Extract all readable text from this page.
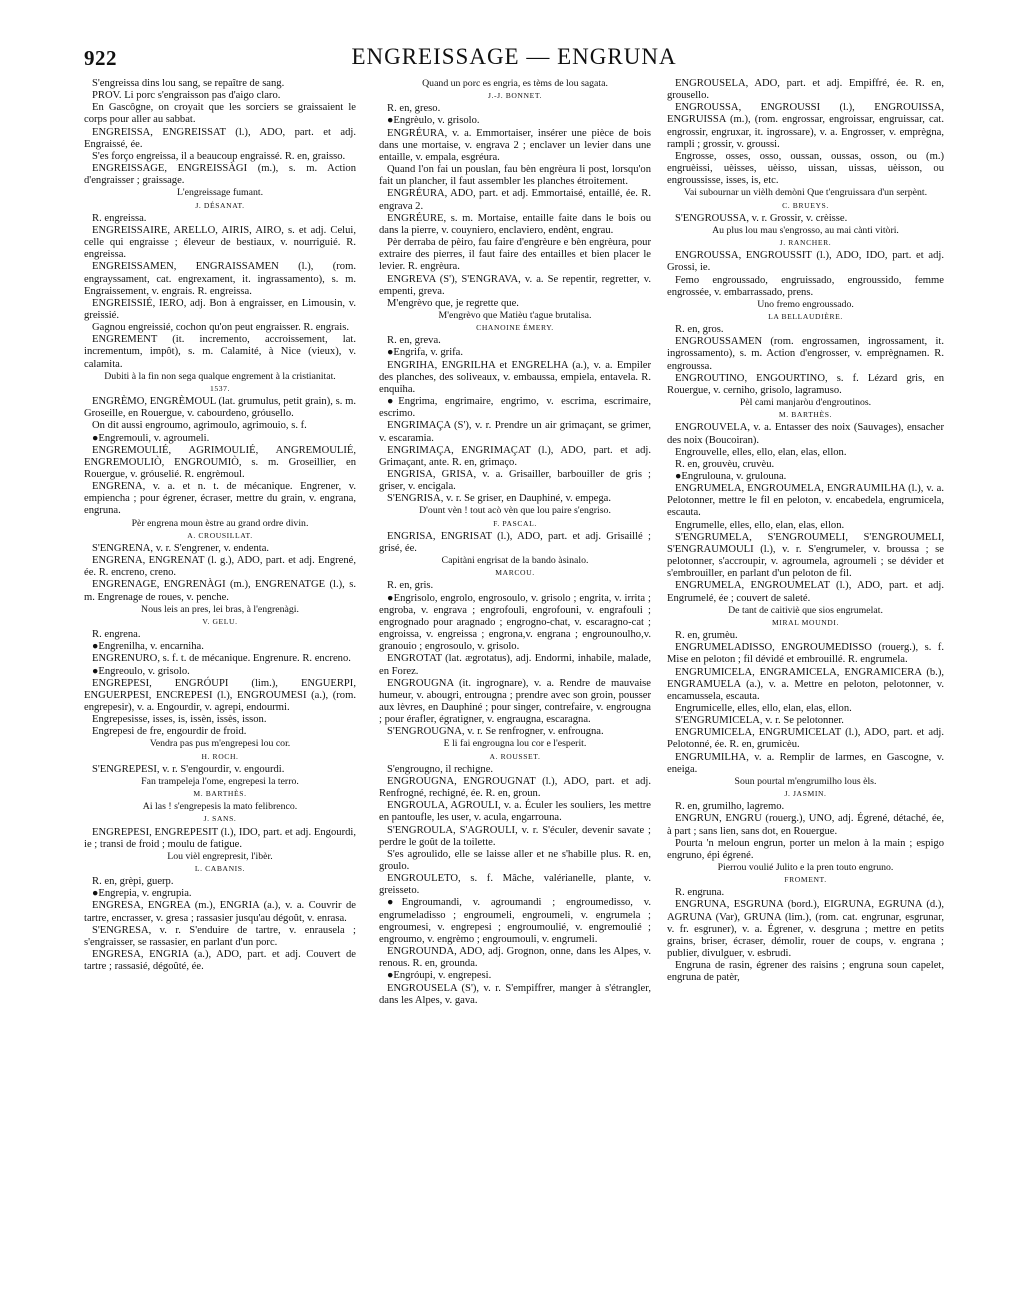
922	ENGREISSAGE — ENGRUNA
S'engreissa dins lou sang, se repaître de sang.
PROV. Li porc s'engraisson pas d'aigo claro.
En Gascôgne, on croyait que les sorciers se graissaient le corps pour aller au sabbat.
ENGREISSA, ENGREISSAT (l.), ADO, part. et adj. Engraissé, ée.
S'es forço engreissa, il a beaucoup engraissé. R. en, graisso.
ENGREISSAGE, ENGREISSÀGI (m.), s. m. Action d'engraisser ; graissage.
L'engreissage fumant.
J. DÉSANAT.
R. engreissa.
ENGREISSAIRE, ARELLO, AIRIS, AIRO, s. et adj. Celui, celle qui engraisse ; éleveur de bestiaux, v. nourriguié. R. engreissa.
ENGREISSAMEN, ENGRAISSAMEN (l.), (rom. engrayssament, cat. engrexament, it. ingrassamento), s. m. Engraissement, v. engrais. R. engreissa.
ENGREISSIÉ, IERO, adj. Bon à engraisser, en Limousin, v. greissié.
Gagnou engreissié, cochon qu'on peut engraisser. R. engrais.
ENGREMENT (it. incremento, accroissement, lat. incrementum, impôt), s. m. Calamité, à Nice (vieux), v. calamita.
Dubiti à la fin non sega qualque engrement à la cristianitat.
1537.
ENGRÈMO, ENGRÈMOUL (lat. grumulus, petit grain), s. m. Groseille, en Rouergue, v. cabourdeno, gróusello.
On dit aussi engroumo, agrimoulo, agrimouio, s. f.
●Engremouli, v. agroumeli.
ENGREMOULIÉ, AGRIMOULIÉ, ANGREMOULIÉ, ENGREMOULIÒ, ENGROUMIÒ, s. m. Groseillier, en Rouergue, v. gróuselié. R. engrèmoul.
ENGRENA, v. a. et n. t. de mécanique. Engrener, v. empiencha ; pour égrener, écraser, mettre du grain, v. engrana, engruna.
Pèr engrena moun èstre au grand ordre divin.
A. CROUSILLAT.
S'ENGRENA, v. r. S'engrener, v. endenta.
ENGRENA, ENGRENAT (l. g.), ADO, part. et adj. Engrené, ée. R. encreno, creno.
ENGRENAGE, ENGRENÀGI (m.), ENGRENATGE (l.), s. m. Engrenage de roues, v. penche.
Nous leis an pres, lei bras, à l'engrenàgi.
V. GELU.
R. engrena.
●Engrenilha, v. encarniha.
ENGRENURO, s. f. t. de mécanique. Engrenure. R. encreno.
●Engreoulo, v. grisolo.
ENGREPESI, ENGRÓUPI (lim.), ENGUERPI, ENGUERPESI, ENCREPESI (l.), ENGROUMESI (a.), (rom. engrepesir), v. a. Engourdir, v. agrepi, endourmi.
Engrepesisse, isses, is, issèn, issès, isson.
Engrepesi de fre, engourdir de froid.
Vendra pas pus m'engrepesi lou cor.
H. ROCH.
S'ENGREPESI, v. r. S'engourdir, v. engourdi.
Fan trampeleja l'ome, engrepesi la terro.
M. BARTHÈS.
Ai las ! s'engrepesis la mato felibrenco.
J. SANS.
ENGREPESI, ENGREPESIT (l.), IDO, part. et adj. Engourdi, ie ; transi de froid ; moulu de fatigue.
Lou vièl engrepresit, l'ibèr.
L. CABANIS.
R. en, grèpi, guerp.
●Engrepia, v. engrupia.
ENGRESA, ENGREA (m.), ENGRIA (a.), v. a. Couvrir de tartre, encrasser, v. gresa ; rassasier jusqu'au dégoût, v. enrasa.
S'ENGRESA, v. r. S'enduire de tartre, v. enrausela ; s'engraisser, se rassasier, en parlant d'un porc.
ENGRESA, ENGRIA (a.), ADO, part. et adj. Couvert de tartre ; rassasié, dégoûté, ée.
Quand un porc es engria, es tèms de lou sagata.
J.-J. BONNET.
R. en, greso.
●Engrèulo, v. grisolo.
ENGRÉURA, v. a. Emmortaiser, insérer une pièce de bois dans une mortaise, v. engrava 2 ; enclaver un levier dans une entaille, v. empala, esgréura.
Quand l'on fai un pouslan, fau bèn engrèura li post, lorsqu'on fait un plancher, il faut assembler les planches étroitement.
ENGRÉURA, ADO, part. et adj. Emmortaisé, entaillé, ée. R. engrava 2.
ENGRÉURE, s. m. Mortaise, entaille faite dans le bois ou dans la pierre, v. couyniero, enclaviero, endènt, engrau.
Pèr derraba de pèiro, fau faire d'engrèure e bèn engrèura, pour extraire des pierres, il faut faire des entailles et bien placer le levier. R. engrèura.
ENGREVA (S'), S'ENGRAVA, v. a. Se repentir, regretter, v. empenti, greva.
M'engrèvo que, je regrette que.
M'engrèvo que Matièu t'ague brutalisa.
CHANOINE ÉMERY.
R. en, greva.
●Engrifa, v. grifa.
ENGRIHA, ENGRILHA et ENGRELHA (a.), v. a. Empiler des planches, des soliveaux, v. embaussa, empiela, entavela. R. enquiha.
●Engrima, engrimaire, engrimo, v. escrima, escrimaire, escrimo.
ENGRIMAÇA (S'), v. r. Prendre un air grimaçant, se grimer, v. escaramia.
ENGRIMAÇA, ENGRIMAÇAT (l.), ADO, part. et adj. Grimaçant, ante. R. en, grimaço.
ENGRISA, GRISA, v. a. Grisailler, barbouiller de gris ; griser, v. encigala.
S'ENGRISA, v. r. Se griser, en Dauphiné, v. empega.
D'ount vèn ! tout acò vèn que lou paire s'engriso.
F. PASCAL.
ENGRISA, ENGRISAT (l.), ADO, part. et adj. Grisaillé ; grisé, ée.
Capitàni engrisat de la bando àsinalo.
MARCOU.
R. en, gris.
●Engrisolo, engrolo, engrosoulo, v. grisolo ; engrita, v. irrita ; engroba, v. engrava ; engrofouli, engrofouni, v. engrafouli ; engrognado pour aragnado ; engrogno-chat, v. escaragno-cat ; engroissa, v. engreissa ; engrona,v. engrana ; engrounoulho,v. granouio ; engrosoulo, v. grisolo.
ENGROTAT (lat. ægrotatus), adj. Endormi, inhabile, malade, en Forez.
ENGROUGNA (it. ingrognare), v. a. Rendre de mauvaise humeur, v. abougri, entrougna ; prendre avec son groin, pousser aux lèvres, en Dauphiné ; pour singer, contrefaire, v. engrougna ; pour érafler, égratigner, v. engraugna, escaragna.
S'ENGROUGNA, v. r. Se renfrogner, v. enfrougna.
E li fai engrougna lou cor e l'esperit.
A. ROUSSET.
S'engrougno, il rechigne.
ENGROUGNA, ENGROUGNAT (l.), ADO, part. et adj. Renfrogné, rechigné, ée. R. en, groun.
ENGROULA, AGROULI, v. a. Éculer les souliers, les mettre en pantoufle, les user, v. acula, engarrouna.
S'ENGROULA, S'AGROULI, v. r. S'éculer, devenir savate ; perdre le goût de la toilette.
S'es agroulido, elle se laisse aller et ne s'habille plus. R. en, groulo.
ENGROULETO, s. f. Mâche, valérianelle, plante, v. greisseto.
●Engroumandi, v. agroumandi ; engroumedisso, v. engrumeladisso ; engroumeli, engroumeli, v. engrumela ; engroumesi, v. engrepesi ; engroumoulié, v. engremoulié ; engroumo, v. engrèmo ; engroumouli, v. engrumeli.
ENGROUNDA, ADO, adj. Grognon, onne, dans les Alpes, v. renous. R. en, grounda.
●Engróupi, v. engrepesi.
ENGROUSELA (S'), v. r. S'empiffrer, manger à s'étrangler, dans les Alpes, v. gava.
ENGROUSELA, ADO, part. et adj. Empiffré, ée. R. en, grousello.
ENGROUSSA, ENGROUSSI (l.), ENGROUISSA, ENGRUISSA (m.), (rom. engrossar, engroissar, engruissar, cat. engrossir, engruxar, it. ingrossare), v. a. Engrosser, v. emprègna, rampli ; grossir, v. groussi.
Engrosse, osses, osso, oussan, oussas, osson, ou (m.) engruèissi, uèisses, uèisso, uissan, uissas, uèisson, ou engroussisse, isses, is, etc.
Vai subournar un vièlh demòni Que t'engruissara d'un serpènt.
C. BRUEYS.
S'ENGROUSSA, v. r. Grossir, v. crèisse.
Au plus lou mau s'engrosso, au mai cànti vitòri.
J. RANCHER.
ENGROUSSA, ENGROUSSIT (l.), ADO, IDO, part. et adj. Grossi, ie.
Femo engroussado, engruissado, engroussido, femme engrossée, v. embarrassado, prens.
Uno fremo engroussado.
LA BELLAUDIÈRE.
R. en, gros.
ENGROUSSAMEN (rom. engrossamen, ingrossament, it. ingrossamento), s. m. Action d'engrosser, v. emprègnamen. R. engroussa.
ENGROUTINO, ENGOURTINO, s. f. Lézard gris, en Rouergue, v. cerniho, grisolo, lagramuso.
Pèl cami manjaròu d'engroutinos.
M. BARTHÈS.
ENGROUVELA, v. a. Entasser des noix (Sauvages), ensacher des noix (Boucoiran).
Engrouvelle, elles, ello, elan, elas, ellon.
R. en, grouvèu, cruvèu.
●Engrulouna, v. grulouna.
ENGRUMELA, ENGROUMELA, ENGRAUMILHA (l.), v. a. Pelotonner, mettre le fil en peloton, v. encabedela, engrumicela, escauta.
Engrumelle, elles, ello, elan, elas, ellon.
S'ENGRUMELA, S'ENGROUMELI, S'ENGROUMELI, S'ENGRAUMOULI (l.), v. r. S'engrumeler, v. broussa ; se pelotonner, s'accroupir, v. agroumela, agroumeli ; se dévider et s'embrouiller, en parlant d'un peloton de fil.
ENGRUMELA, ENGROUMELAT (l.), ADO, part. et adj. Engrumelé, ée ; couvert de saleté.
De tant de caitiviè que sios engrumelat.
MIRAL MOUNDI.
R. en, grumèu.
ENGRUMELADISSO, ENGROUMEDISSO (rouerg.), s. f. Mise en peloton ; fil dévidé et embrouillé. R. engrumela.
ENGRUMICELA, ENGRAMICELA, ENGRAMICERA (b.), ENGRAMUELA (a.), v. a. Mettre en peloton, pelotonner, v. encamussela, escauta.
Engrumicelle, elles, ello, elan, elas, ellon.
S'ENGRUMICELA, v. r. Se pelotonner.
ENGRUMICELA, ENGRUMICELAT (l.), ADO, part. et adj. Pelotonné, ée. R. en, grumicèu.
ENGRUMILHA, v. a. Remplir de larmes, en Gascogne, v. eneiga.
Soun pourtal m'engrumilho lous èls.
J. JASMIN.
R. en, grumilho, lagremo.
ENGRUN, ENGRU (rouerg.), UNO, adj. Égrené, détaché, ée, à part ; sans lien, sans dot, en Rouergue.
Pourta 'n meloun engrun, porter un melon à la main ; espigo engruno, épi égrené.
Pierrou voulié Julito e la pren touto engruno.
FROMENT.
R. engruna.
ENGRUNA, ESGRUNA (bord.), EIGRUNA, EGRUNA (d.), AGRUNA (Var), GRUNA (lim.), (rom. cat. engrunar, esgrunar, v. fr. esgruner), v. a. Égrener, v. desgruna ; mettre en petits grains, briser, écraser, démolir, rouer de coups, v. engrana ; publier, divulguer, v. esbrudi.
Engruna de rasin, égrener des raisins ; engruna soun capelet, engruna de patèr,
